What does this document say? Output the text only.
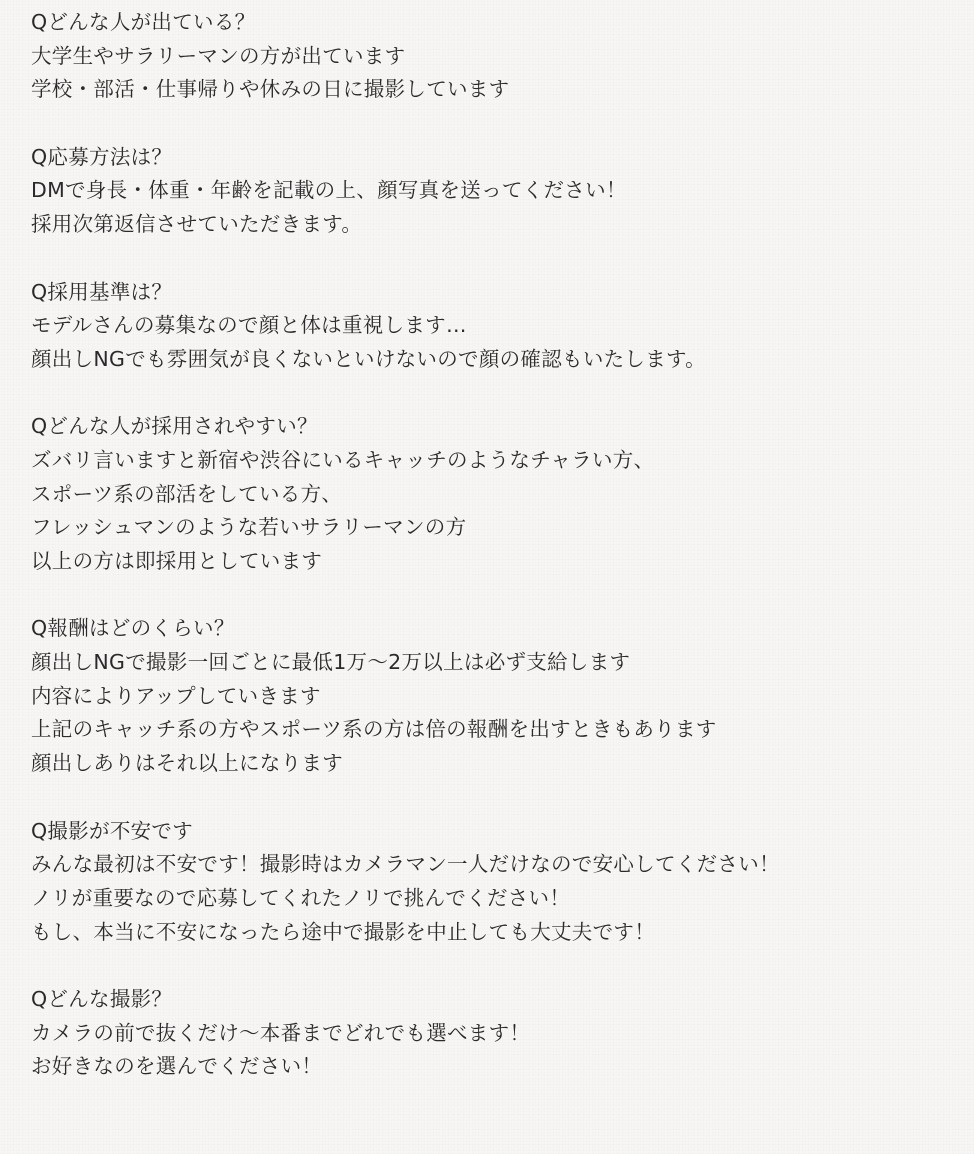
Qどんな人が出ている？
大学生やサラリーマンの方が出ています
学校・部活・仕事帰りや休みの日に撮影しています
Q応募方法は？
DMで身長・体重・年齢を記載の上、顔写真を送ってください！
採用次第返信させていただきます。
Q採用基準は？
モデルさんの募集なので顔と体は重視します…
顔出しNGでも雰囲気が良くないといけないので顔の確認もいたします。
Qどんな人が採用されやすい？
ズバリ言いますと新宿や渋谷にいるキャッチのようなチャラい方、
スポーツ系の部活をしている方、
フレッシュマンのような若いサラリーマンの方
以上の方は即採用としています
Q報酬はどのくらい？
顔出しNGで撮影一回ごとに最低1万〜2万以上は必ず支給します
内容によりアップしていきます
上記のキャッチ系の方やスポーツ系の方は倍の報酬を出すときもあります
顔出しありはそれ以上になります
Q撮影が不安です
みんな最初は不安です！撮影時はカメラマン一人だけなので安心してください！
ノリが重要なので応募してくれたノリで挑んでください！
もし、本当に不安になったら途中で撮影を中止しても大丈夫です！
Qどんな撮影？
カメラの前で抜くだけ〜本番までどれでも選べます！
お好きなのを選んでください！
